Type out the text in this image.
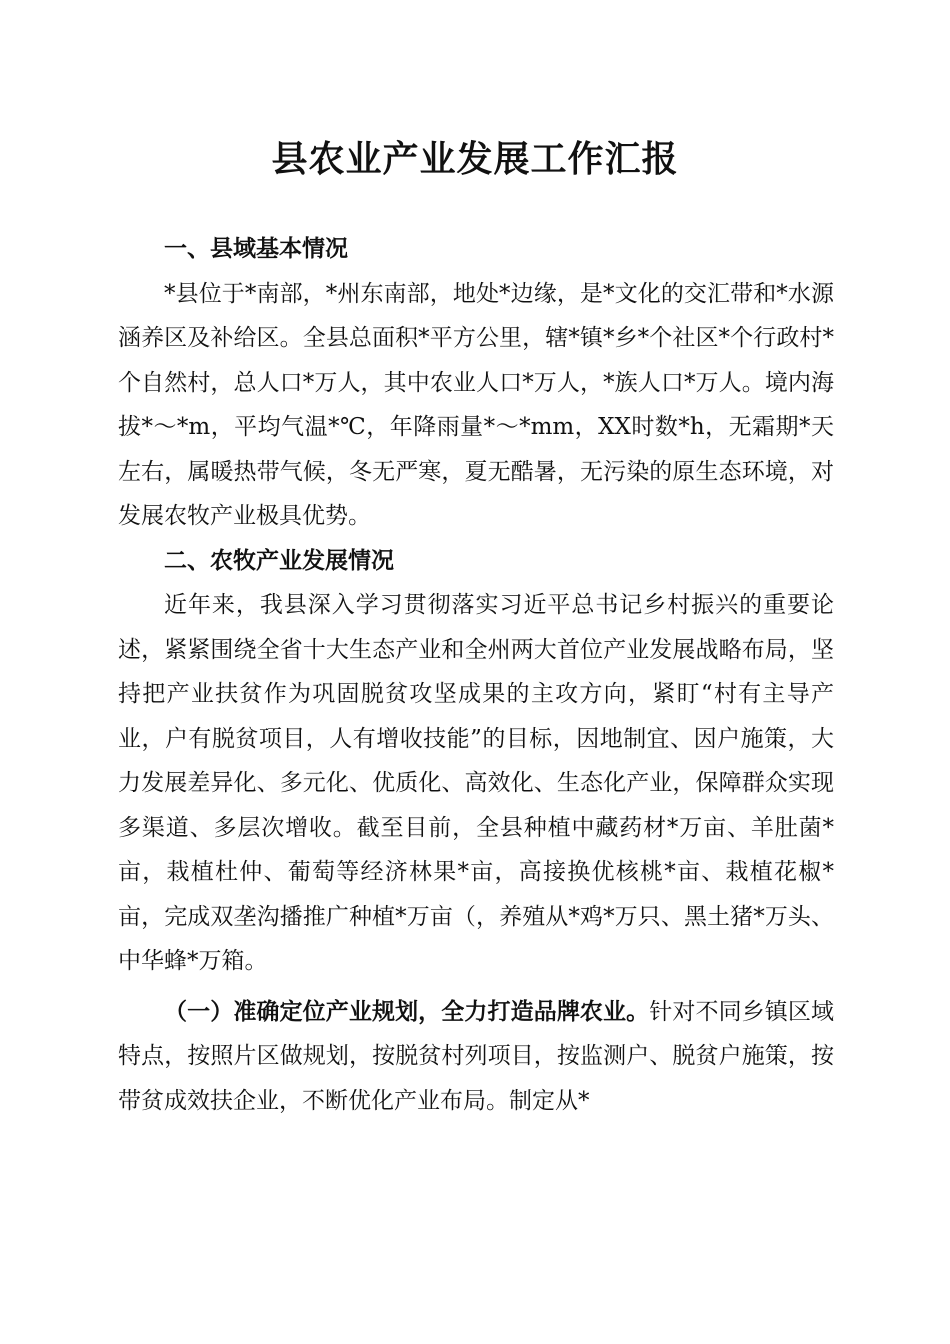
县农业产业发展工作汇报

一、县域基本情况

*县位于*南部，*州东南部，地处*边缘，是*文化的交汇带和*水源涵养区及补给区。全县总面积*平方公里，辖*镇*乡*个社区*个行政村*个自然村，总人口*万人，其中农业人口*万人，*族人口*万人。境内海拔*～*m，平均气温*℃，年降雨量*～*mm，XX时数*h，无霜期*天左右，属暖热带气候，冬无严寒，夏无酷暑，无污染的原生态环境，对发展农牧产业极具优势。

二、农牧产业发展情况

近年来，我县深入学习贯彻落实习近平总书记乡村振兴的重要论述，紧紧围绕全省十大生态产业和全州两大首位产业发展战略布局，坚持把产业扶贫作为巩固脱贫攻坚成果的主攻方向，紧盯“村有主导产业，户有脱贫项目，人有增收技能”的目标，因地制宜、因户施策，大力发展差异化、多元化、优质化、高效化、生态化产业，保障群众实现多渠道、多层次增收。截至目前，全县种植中藏药材*万亩、羊肚菌*亩，栽植杜仲、葡萄等经济林果*亩，高接换优核桃*亩、栽植花椒*亩，完成双垄沟播推广种植*万亩（，养殖从*鸡*万只、黑土猪*万头、中华蜂*万箱。

（一）准确定位产业规划，全力打造品牌农业。针对不同乡镇区域特点，按照片区做规划，按脱贫村列项目，按监测户、脱贫户施策，按带贫成效扶企业，不断优化产业布局。制定从*
